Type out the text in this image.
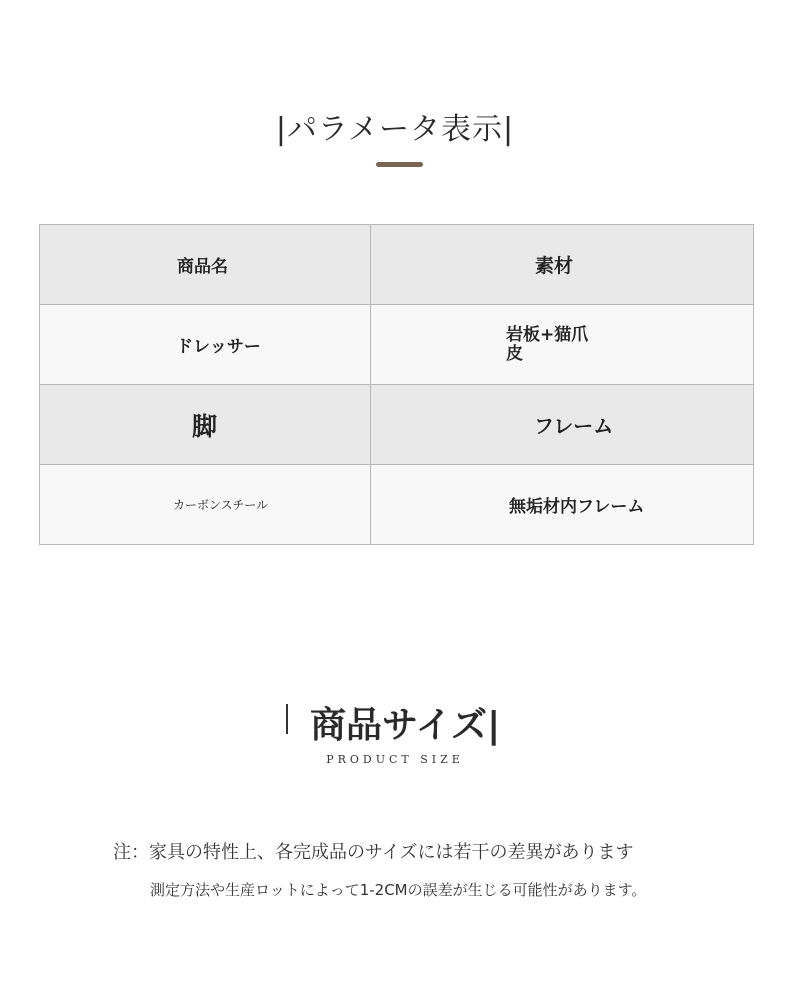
|パラメータ表示|
商品名	素材

ドレッサー	岩板+猫爪皮

脚	フレーム

カーボンスチール	無垢材内フレーム
商品サイズ|
PRODUCT SIZE
注：家具の特性上、各完成品のサイズには若干の差異があります
測定方法や生産ロットによって1-2CMの誤差が生じる可能性があります。
